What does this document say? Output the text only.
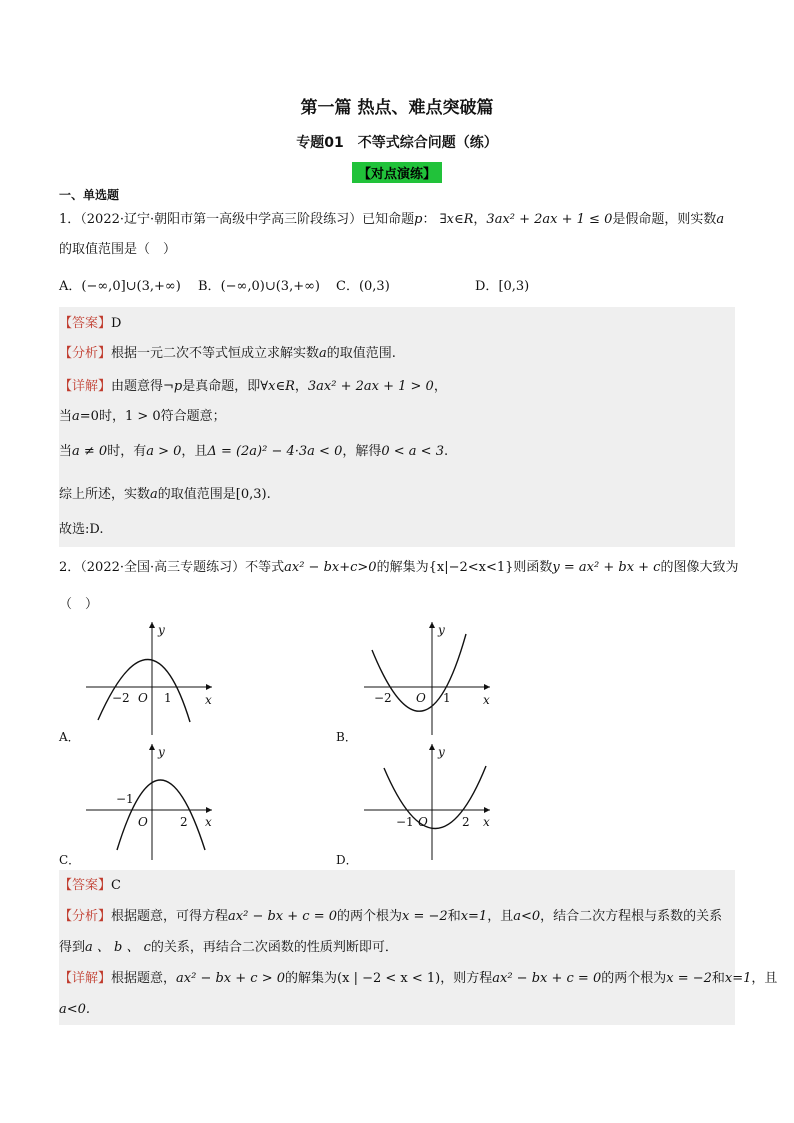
第一篇 热点、难点突破篇
专题01　不等式综合问题（练）
【对点演练】
一、单选题
1．（2022·辽宁·朝阳市第一高级中学高三阶段练习）已知命题p： ∃x∈R，3ax² + 2ax + 1 ≤ 0是假命题，则实数a
的取值范围是（　）
A．(−∞,0]∪(3,+∞) B．(−∞,0)∪(3,+∞) C．(0,3)	D．[0,3)
【答案】D
【分析】根据一元二次不等式恒成立求解实数a的取值范围.
【详解】由题意得¬p是真命题，即∀x∈R，3ax² + 2ax + 1 > 0，
当a=0时，1 > 0符合题意；
当a ≠ 0时，有a > 0，且Δ = (2a)² − 4·3a < 0，解得0 < a < 3.
综上所述，实数a的取值范围是[0,3).
故选:D.
2．（2022·全国·高三专题练习）不等式ax² − bx+c>0的解集为{x|−2<x<1}则函数y = ax² + bx + c的图像大致为
（　）
y
x
O
−2	1
A．
y
x
O
−2	1
B．
y
x
O
−1
2
C．
y
x
O
−1	2
D．
【答案】C
【分析】根据题意，可得方程ax² − bx + c = 0的两个根为x = −2和x=1，且a<0，结合二次方程根与系数的关系
得到a 、 b 、 c的关系，再结合二次函数的性质判断即可．
【详解】根据题意，ax² − bx + c > 0的解集为(x | −2 < x < 1)，则方程ax² − bx + c = 0的两个根为x = −2和x=1，且
a<0.
